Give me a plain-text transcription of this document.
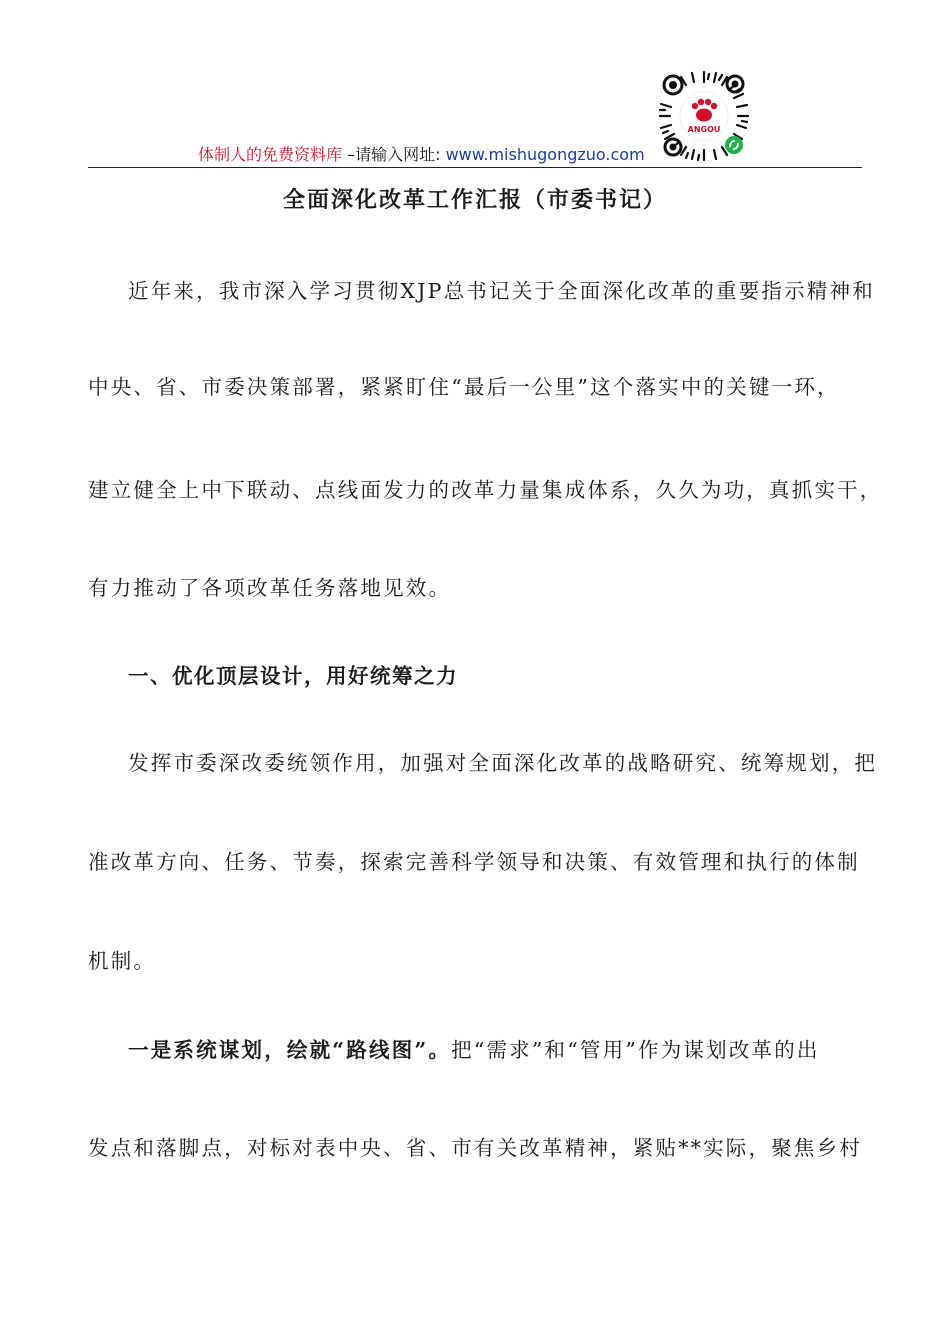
体制人的免费资料库 –请输入网址: www.mishugongzuo.com
ANGOU
全面深化改革工作汇报（市委书记）
近年来，我市深入学习贯彻XJP总书记关于全面深化改革的重要指示精神和
中央、省、市委决策部署，紧紧盯住“最后一公里”这个落实中的关键一环，
建立健全上中下联动、点线面发力的改革力量集成体系，久久为功，真抓实干，
有力推动了各项改革任务落地见效。
一、优化顶层设计，用好统筹之力
发挥市委深改委统领作用，加强对全面深化改革的战略研究、统筹规划，把
准改革方向、任务、节奏，探索完善科学领导和决策、有效管理和执行的体制
机制。
一是系统谋划，绘就“路线图”。把“需求”和“管用”作为谋划改革的出
发点和落脚点，对标对表中央、省、市有关改革精神，紧贴**实际，聚焦乡村
